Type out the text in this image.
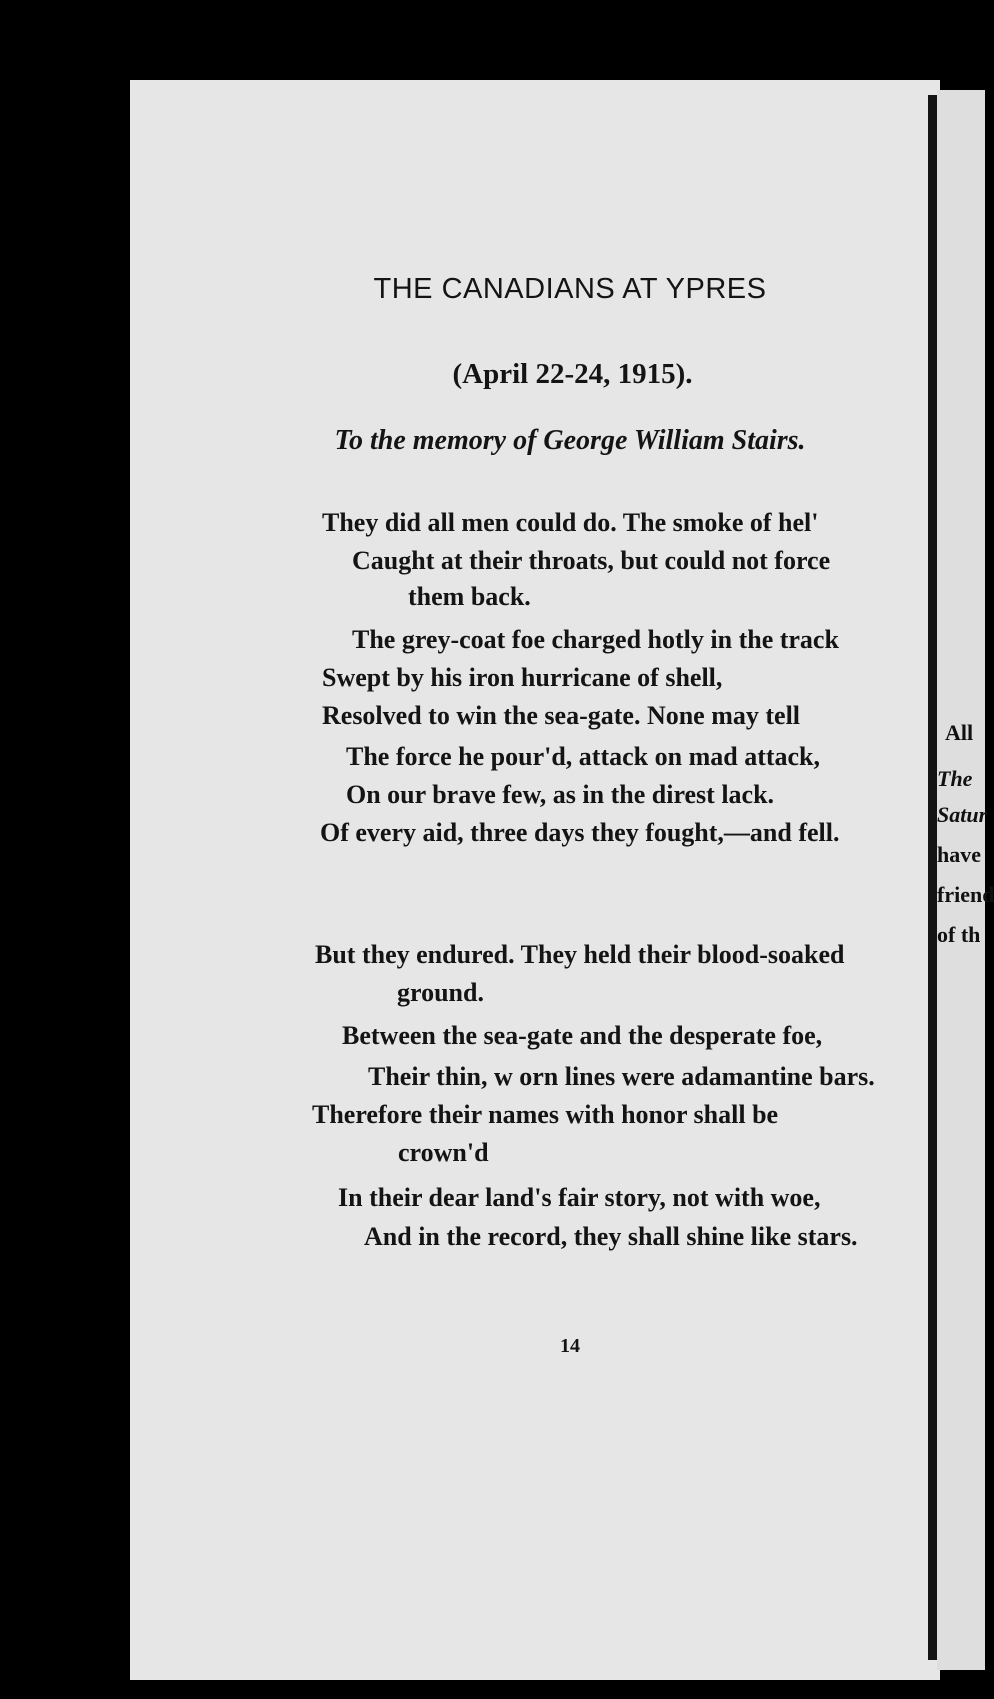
All
The
Satur
have
friend
of th
THE CANADIANS AT YPRES
(April 22-24, 1915).
To the memory of George William Stairs.
They did all men could do. The smoke of hel'
Caught at their throats, but could not force
them back.
The grey-coat foe charged hotly in the track
Swept by his iron hurricane of shell,
Resolved to win the sea-gate. None may tell
The force he pour'd, attack on mad attack,
On our brave few, as in the direst lack.
Of every aid, three days they fought,—and fell.
But they endured. They held their blood-soaked
ground.
Between the sea-gate and the desperate foe,
Their thin, w orn lines were adamantine bars.
Therefore their names with honor shall be
crown'd
In their dear land's fair story, not with woe,
And in the record, they shall shine like stars.
14
